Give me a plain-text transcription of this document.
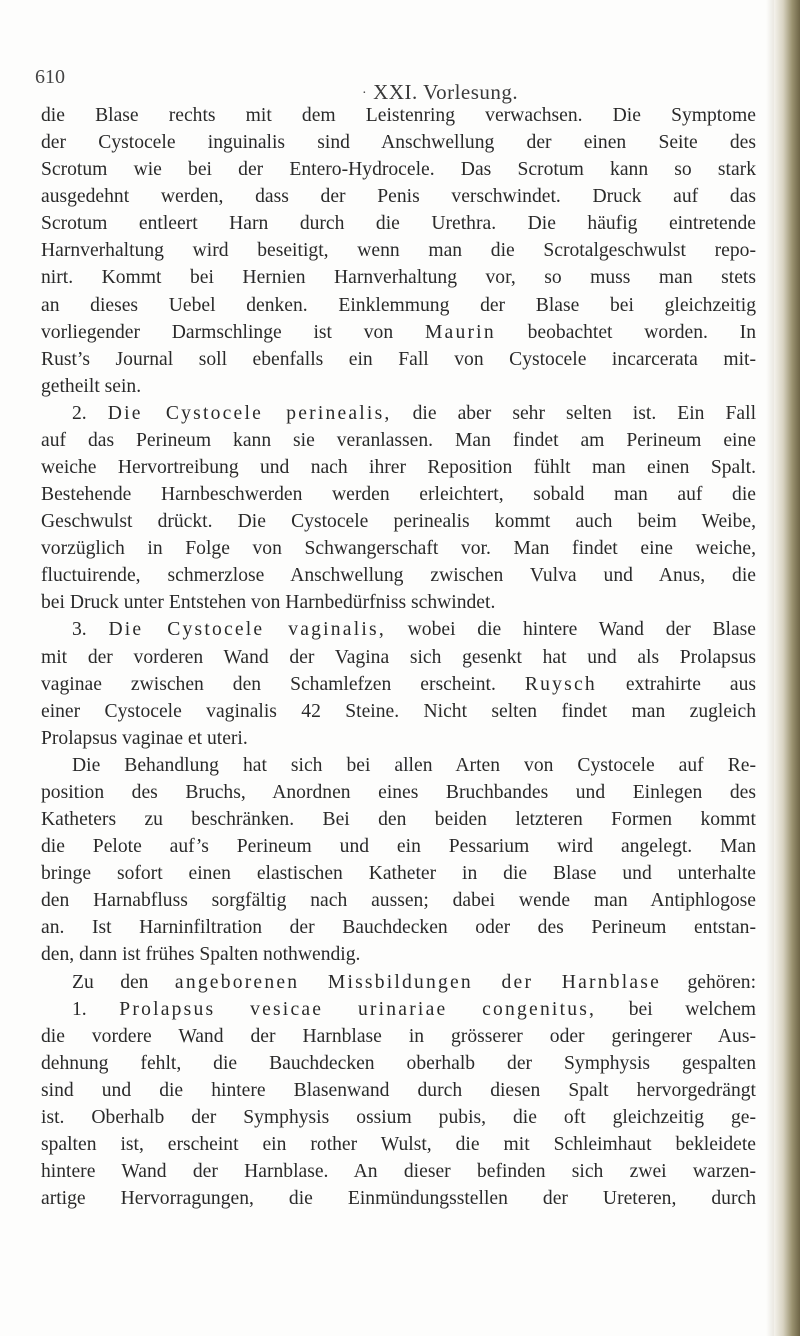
610
· XXI. Vorlesung.
die Blase rechts mit dem Leistenring verwachsen. Die Symptome
der Cystocele inguinalis sind Anschwellung der einen Seite des
Scrotum wie bei der Entero-Hydrocele. Das Scrotum kann so stark
ausgedehnt werden, dass der Penis verschwindet. Druck auf das
Scrotum entleert Harn durch die Urethra. Die häufig eintretende
Harnverhaltung wird beseitigt, wenn man die Scrotalgeschwulst repo-
nirt. Kommt bei Hernien Harnverhaltung vor, so muss man stets
an dieses Uebel denken. Einklemmung der Blase bei gleichzeitig
vorliegender Darmschlinge ist von Maurin beobachtet worden. In
Rust’s Journal soll ebenfalls ein Fall von Cystocele incarcerata mit-
getheilt sein.
2. Die Cystocele perinealis, die aber sehr selten ist. Ein Fall
auf das Perineum kann sie veranlassen. Man findet am Perineum eine
weiche Hervortreibung und nach ihrer Reposition fühlt man einen Spalt.
Bestehende Harnbeschwerden werden erleichtert, sobald man auf die
Geschwulst drückt. Die Cystocele perinealis kommt auch beim Weibe,
vorzüglich in Folge von Schwangerschaft vor. Man findet eine weiche,
fluctuirende, schmerzlose Anschwellung zwischen Vulva und Anus, die
bei Druck unter Entstehen von Harnbedürfniss schwindet.
3. Die Cystocele vaginalis, wobei die hintere Wand der Blase
mit der vorderen Wand der Vagina sich gesenkt hat und als Prolapsus
vaginae zwischen den Schamlefzen erscheint. Ruysch extrahirte aus
einer Cystocele vaginalis 42 Steine. Nicht selten findet man zugleich
Prolapsus vaginae et uteri.
Die Behandlung hat sich bei allen Arten von Cystocele auf Re-
position des Bruchs, Anordnen eines Bruchbandes und Einlegen des
Katheters zu beschränken. Bei den beiden letzteren Formen kommt
die Pelote auf’s Perineum und ein Pessarium wird angelegt. Man
bringe sofort einen elastischen Katheter in die Blase und unterhalte
den Harnabfluss sorgfältig nach aussen; dabei wende man Antiphlogose
an. Ist Harninfiltration der Bauchdecken oder des Perineum entstan-
den, dann ist frühes Spalten nothwendig.
Zu den angeborenen Missbildungen der Harnblase gehören:
1. Prolapsus vesicae urinariae congenitus, bei welchem
die vordere Wand der Harnblase in grösserer oder geringerer Aus-
dehnung fehlt, die Bauchdecken oberhalb der Symphysis gespalten
sind und die hintere Blasenwand durch diesen Spalt hervorgedrängt
ist. Oberhalb der Symphysis ossium pubis, die oft gleichzeitig ge-
spalten ist, erscheint ein rother Wulst, die mit Schleimhaut bekleidete
hintere Wand der Harnblase. An dieser befinden sich zwei warzen-
artige Hervorragungen, die Einmündungsstellen der Ureteren, durch
